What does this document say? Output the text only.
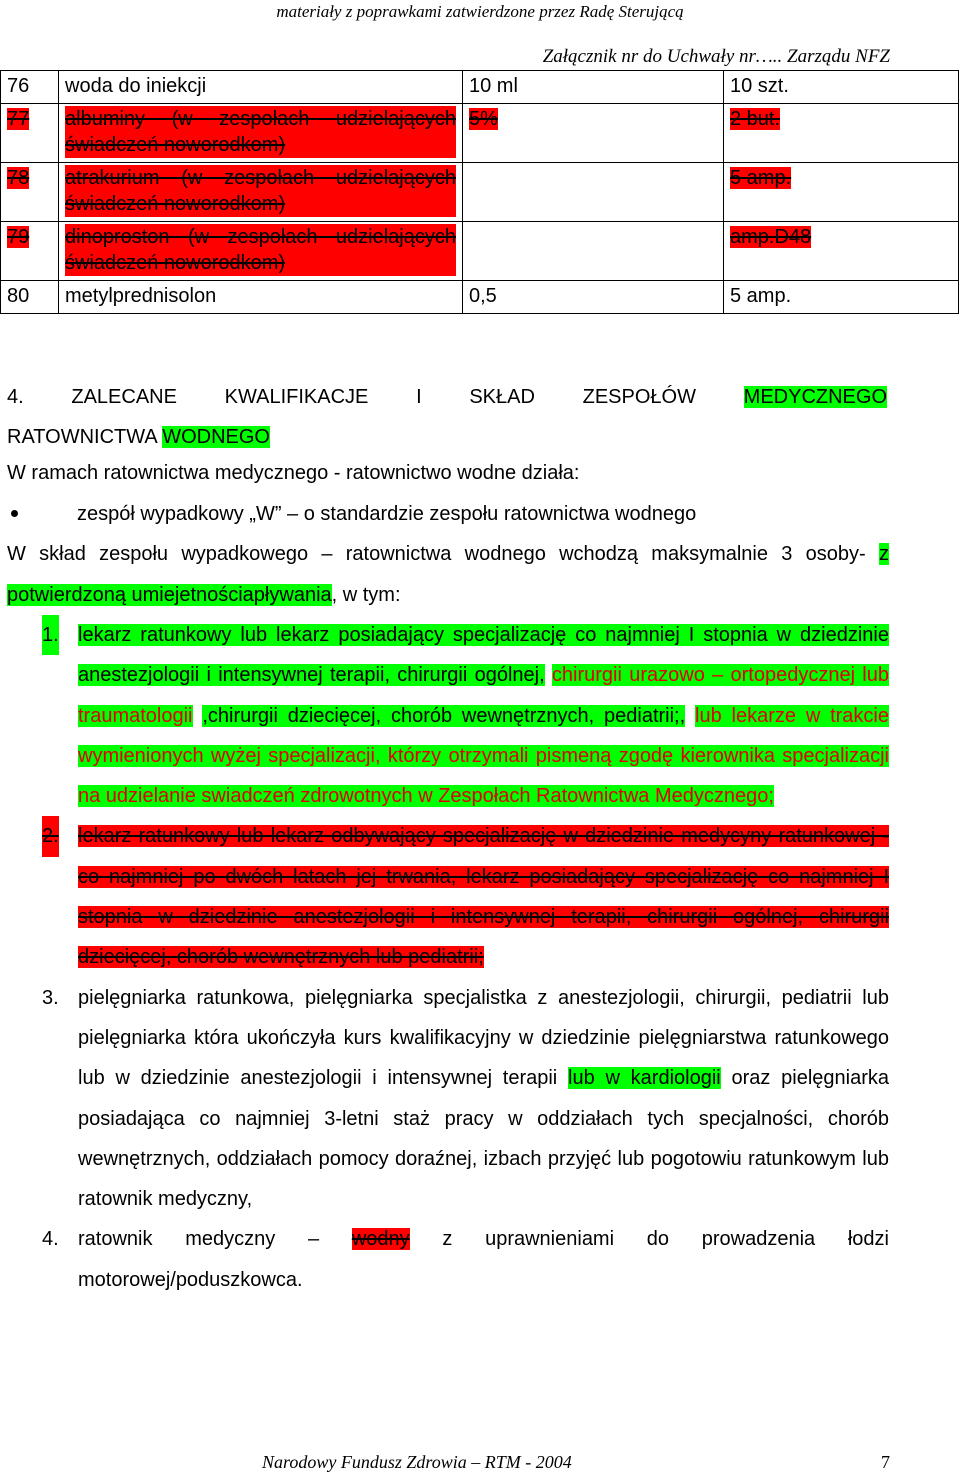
materiały z poprawkami zatwierdzone przez Radę Sterującą
Załącznik nr do Uchwały nr….. Zarządu NFZ
76	woda do iniekcji	10 ml	10 szt.
77	albuminy (w zespołach udzielających świadczeń noworodkom)	5%	2 but.
78	atrakurium (w zespołach udzielających świadczeń noworodkom)		5 amp.
79	dinoproston (w zespołach udzielających świadczeń noworodkom)		amp.D48
80	metylprednisolon	0,5	5 amp.
4. ZALECANE KWALIFIKACJE I SKŁAD ZESPOŁÓW MEDYCZNEGO
RATOWNICTWA WODNEGO
W ramach ratownictwa medycznego - ratownictwo wodne działa:
zespół wypadkowy „W” – o standardzie zespołu ratownictwa wodnego
W skład zespołu wypadkowego – ratownictwa wodnego wchodzą maksymalnie 3 osoby- z potwierdzoną umiejetnościapływania, w tym:
1. lekarz ratunkowy lub lekarz posiadający specjalizację co najmniej I stopnia w dziedzinie anestezjologii i intensywnej terapii, chirurgii ogólnej, chirurgii urazowo – ortopedycznej lub traumatologii ,chirurgii dziecięcej, chorób wewnętrznych, pediatrii;, lub lekarze w trakcie wymienionych wyżej specjalizacji, którzy otrzymali pismeną zgodę kierownika specjalizacji na udzielanie swiadczeń zdrowotnych w Zespołach Ratownictwa Medycznego;
2. lekarz ratunkowy lub lekarz odbywający specjalizację w dziedzinie medycyny ratunkowej - co najmniej po dwóch latach jej trwania, lekarz posiadający specjalizację co najmniej I stopnia w dziedzinie anestezjologii i intensywnej terapii, chirurgii ogólnej, chirurgii dziecięcej, chorób wewnętrznych lub pediatrii;
3. pielęgniarka ratunkowa, pielęgniarka specjalistka z anestezjologii, chirurgii, pediatrii lub pielęgniarka która ukończyła kurs kwalifikacyjny w dziedzinie pielęgniarstwa ratunkowego lub w dziedzinie anestezjologii i intensywnej terapii lub w kardiologii oraz pielęgniarka posiadająca co najmniej 3-letni staż pracy w oddziałach tych specjalności, chorób wewnętrznych, oddziałach pomocy doraźnej, izbach przyjęć lub pogotowiu ratunkowym lub ratownik medyczny,
4. ratownik medyczny – wodny z uprawnieniami do prowadzenia łodzi motorowej/poduszkowca.
Narodowy Fundusz Zdrowia – RTM - 2004	7
